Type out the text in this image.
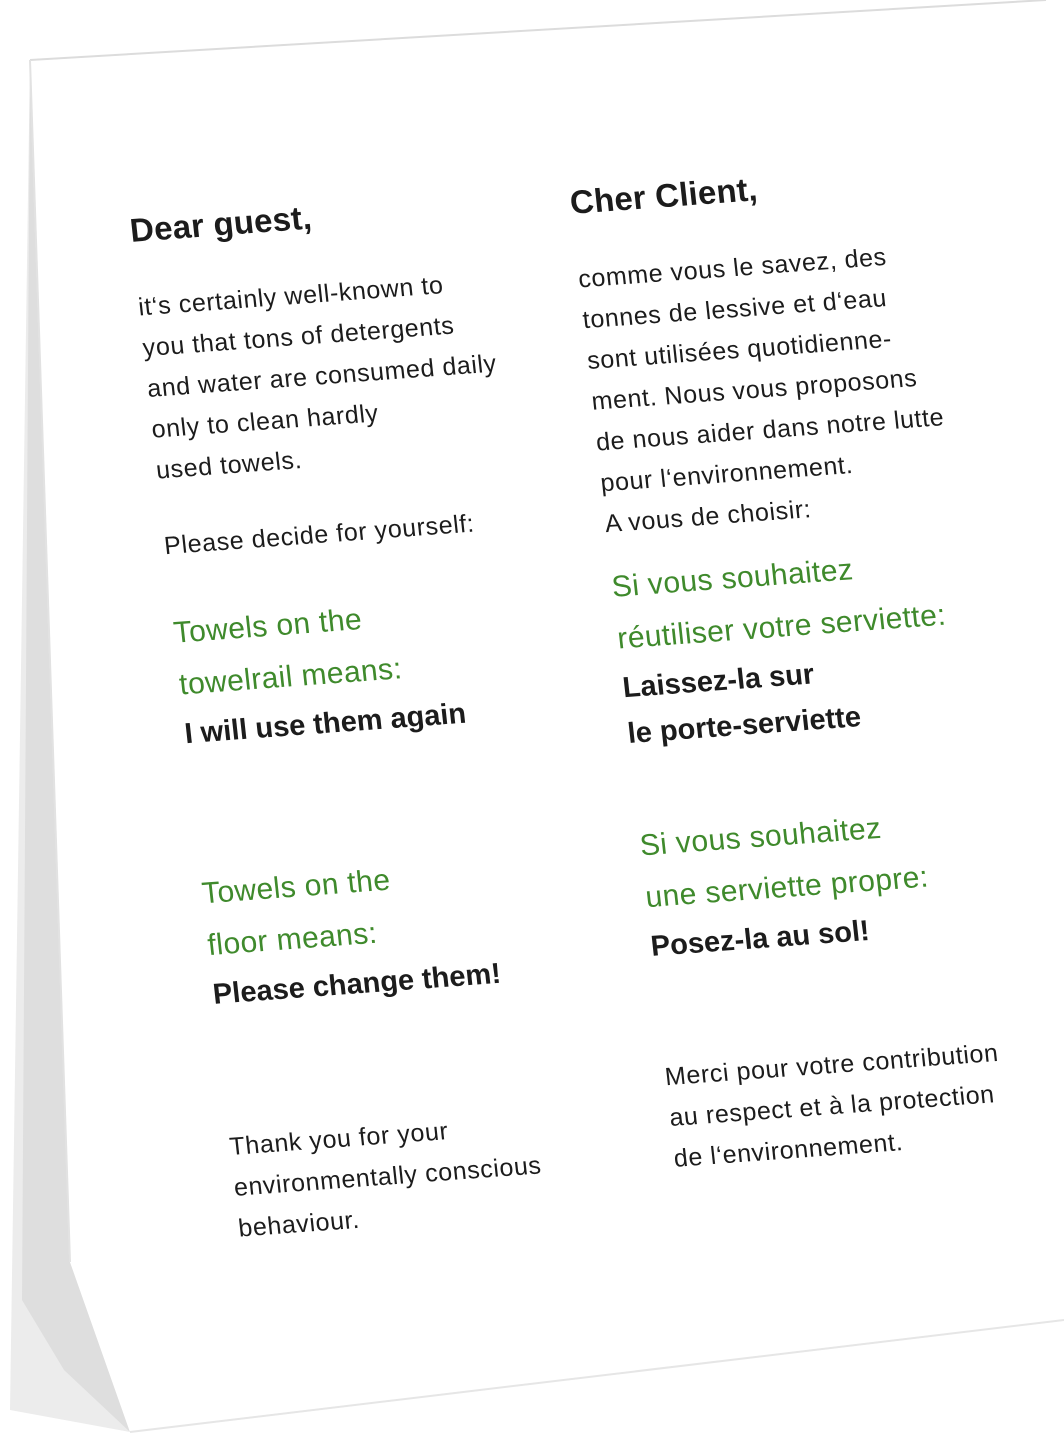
Dear guest,

it‘s certainly well-known to
you that tons of detergents
and water are consumed daily
only to clean hardly
used towels.

Please decide for yourself:

Towels on the
towelrail means:
I will use them again
Towels on the
floor means:
Please change them!

Thank you for your
environmentally conscious
behaviour.

Cher Client,

comme vous le savez, des
tonnes de lessive et d‘eau
sont utilisées quotidienne-
ment. Nous vous proposons
de nous aider dans notre lutte
pour l‘environnement.
A vous de choisir:

Si vous souhaitez
réutiliser votre serviette:
Laissez-la sur
le porte-serviette
Si vous souhaitez
une serviette propre:
Posez-la au sol!

Merci pour votre contribution
au respect et à la protection
de l‘environnement.
